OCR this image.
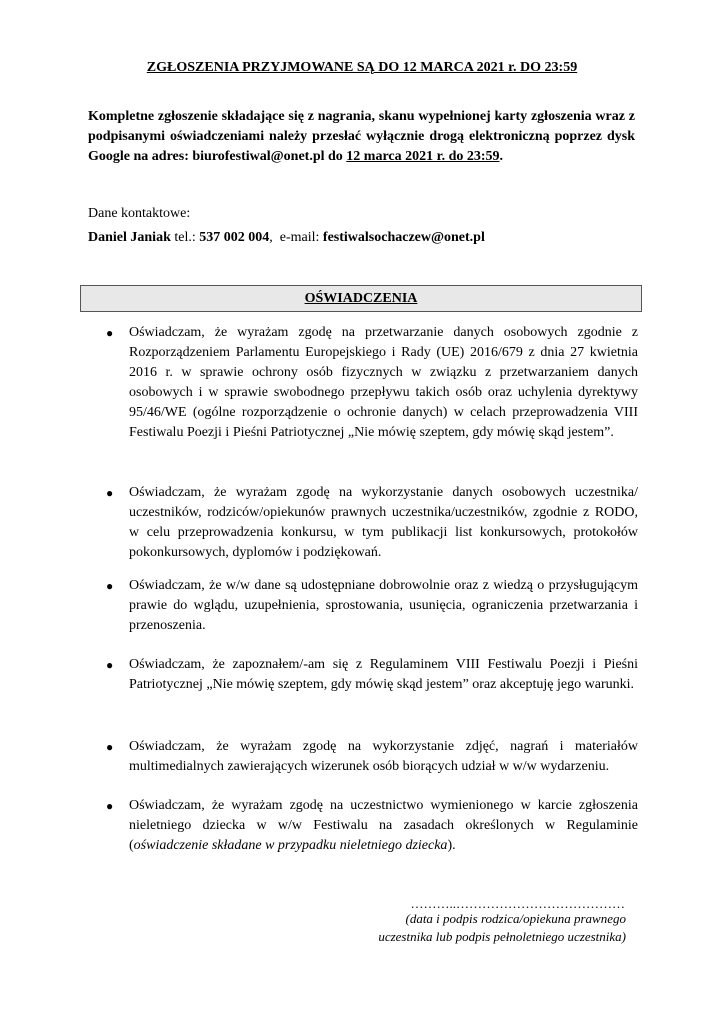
ZGŁOSZENIA PRZYJMOWANE SĄ DO 12 MARCA 2021 r. DO 23:59
Kompletne zgłoszenie składające się z nagrania, skanu wypełnionej karty zgłoszenia wraz z podpisanymi oświadczeniami należy przesłać wyłącznie drogą elektroniczną poprzez dysk Google na adres: biurofestiwal@onet.pl do 12 marca 2021 r. do 23:59.
Dane kontaktowe:
Daniel Janiak tel.: 537 002 004,  e-mail: festiwalsochaczew@onet.pl
OŚWIADCZENIA
● Oświadczam, że wyrażam zgodę na przetwarzanie danych osobowych zgodnie z Rozporządzeniem Parlamentu Europejskiego i Rady (UE) 2016/679 z dnia 27 kwietnia 2016 r. w sprawie ochrony osób fizycznych w związku z przetwarzaniem danych osobowych i w sprawie swobodnego przepływu takich osób oraz uchylenia dyrektywy 95/46/WE (ogólne rozporządzenie o ochronie danych) w celach przeprowadzenia VIII Festiwalu Poezji i Pieśni Patriotycznej „Nie mówię szeptem, gdy mówię skąd jestem”.
● Oświadczam, że wyrażam zgodę na wykorzystanie danych osobowych uczestnika/ uczestników, rodziców/opiekunów prawnych uczestnika/uczestników, zgodnie z RODO, w celu przeprowadzenia konkursu, w tym publikacji list konkursowych, protokołów pokonkursowych, dyplomów i podziękowań.
● Oświadczam, że w/w dane są udostępniane dobrowolnie oraz z wiedzą o przysługującym prawie do wglądu, uzupełnienia, sprostowania, usunięcia, ograniczenia przetwarzania i przenoszenia.
● Oświadczam, że zapoznałem/-am się z Regulaminem VIII Festiwalu Poezji i Pieśni Patriotycznej „Nie mówię szeptem, gdy mówię skąd jestem” oraz akceptuję jego warunki.
● Oświadczam, że wyrażam zgodę na wykorzystanie zdjęć, nagrań i materiałów multimedialnych zawierających wizerunek osób biorących udział w w/w wydarzeniu.
● Oświadczam, że wyrażam zgodę na uczestnictwo wymienionego w karcie zgłoszenia nieletniego dziecka w w/w Festiwalu na zasadach określonych w Regulaminie (oświadczenie składane w przypadku nieletniego dziecka).
………..…………………………………
(data i podpis rodzica/opiekuna prawnego
uczestnika lub podpis pełnoletniego uczestnika)
